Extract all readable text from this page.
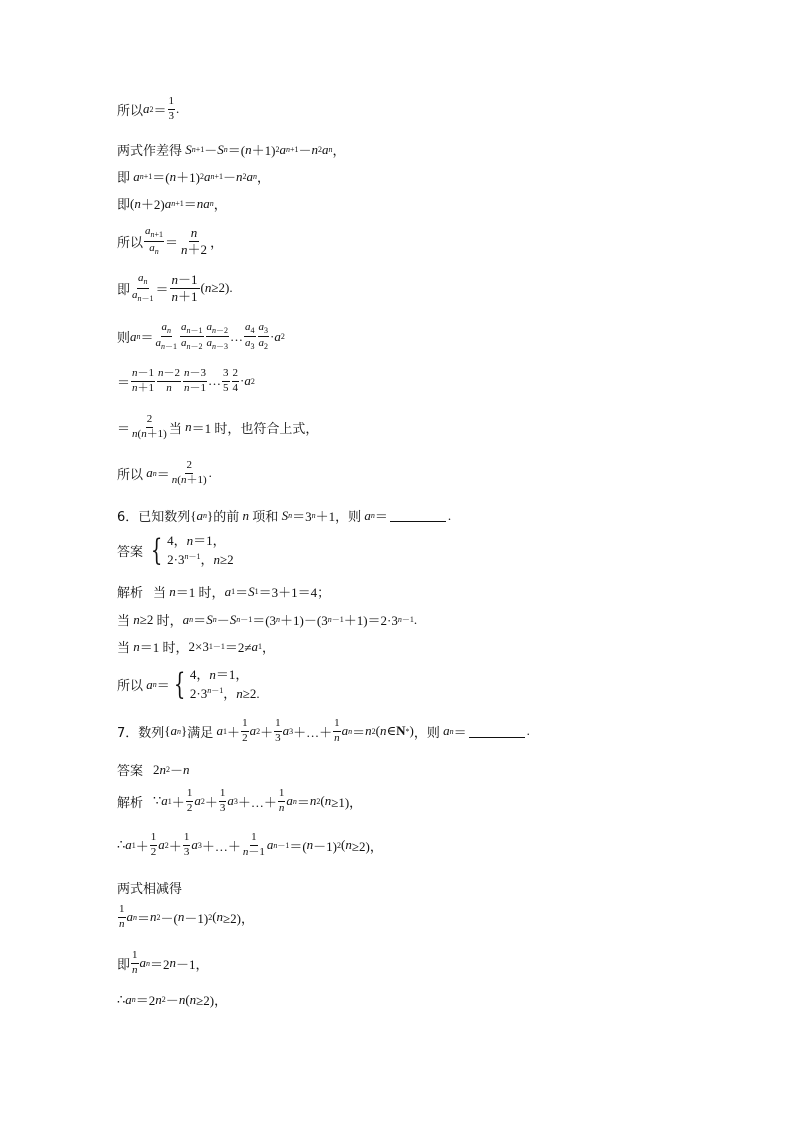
所以 a $2 = \frac{1}{3}$ .
两式作差得
S n+1 － S n ＝( n ＋1) 2 a n+1 － n 2 a n ，
即
a n+1 ＝( n ＋1) 2 a n+1 － n 2 a n ，
即 ( n ＋2) a n+1 ＝ n a n ，
所以 $\frac{a_{n+1}}{a_n} = \frac{n}{n+2}$ ，
即 $\frac{a_n}{a_{n-1}} = \frac{n-1}{n+1}$ ( n ≥2).
则 a $n = \frac{a_n}{a_{n-1}} \frac{a_{n-1}}{a_{n-2}} \frac{a_{n-2}}{a_{n-3}}$ … $\frac{a_4}{a_3} \frac{a_3}{a_2} \cdot a$ 2
＝ $\frac{n-1}{n+1} \frac{n-2}{n} \frac{n-3}{n-1}$ … $\frac{3}{5} \frac{2}{4} \cdot a$ 2
＝ $\frac{2}{n(n+1)}$ 当
n ＝1 时，也符合上式，
所以
a $n = \frac{2}{n(n+1)}$ .
6．已知数列 { a n } 的前
n
项和
S n ＝3 n ＋1 ，则
a n ＝	.
答案 { 4，n＝1，
$2\cdot 3^{n-1}$，n≥2
解析 当
n ＝1 时， a 1 ＝ S 1 ＝3＋1＝4；
当
n ≥2 时， a n ＝ S n － S n－1 ＝(3 n ＋1)－(3 n－1 ＋1)＝2·3 n－1 .
当
n ＝1 时， 2×3 1－1 ＝2≠ a 1 ，
所以
a n ＝ { 4，n＝1，
$2\cdot 3^{n-1}$，n≥2.
7．数列 { a n } 满足
a $1 + \frac{1}{2}$ a $2 + \frac{1}{3}$ a 3 ＋…＋ $\frac{1}{n}$ a n ＝ n 2 ( n ∈ N * ) ，则
a n ＝	.
答案 2 n 2 － n
解析 ∵ a $1 + \frac{1}{2}$ a $2 + \frac{1}{3}$ a 3 ＋…＋ $\frac{1}{n}$ a n ＝ n 2 ( n ≥1)，
∴ a $1 + \frac{1}{2}$ a $2 + \frac{1}{3}$ a 3 ＋…＋ $\frac{1}{n-1}$ a n－1 ＝( n －1) 2 ( n ≥2)，
两式相减得
$\frac{1}{n}$ a n ＝ n 2 －( n －1) 2 ( n ≥2)，
即 $\frac{1}{n}$ a n ＝2 n －1，
∴ a n ＝2 n 2 － n ( n ≥2)，
